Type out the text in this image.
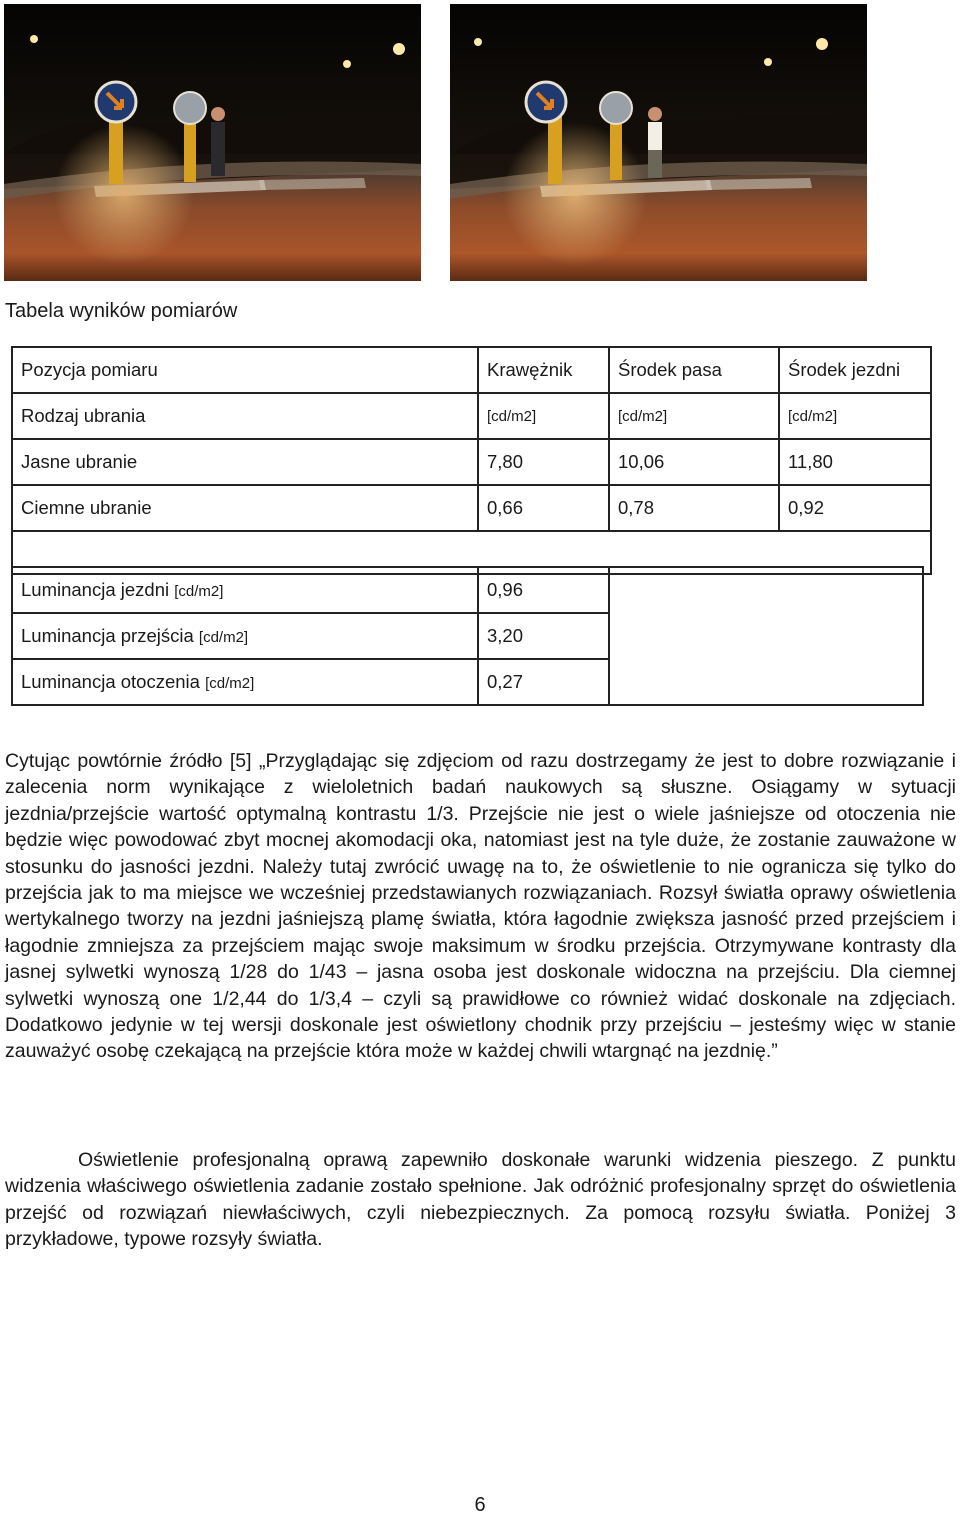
Tabela wyników pomiarów
Pozycja pomiaru	Krawężnik	Środek pasa	Środek jezdni
Rodzaj ubrania	[cd/m2]	[cd/m2]	[cd/m2]
Jasne ubranie	7,80	10,06	11,80
Ciemne ubranie	0,66	0,78	0,92

Luminancja jezdni [cd/m2]	0,96	
Luminancja przejścia [cd/m2]	3,20	
Luminancja otoczenia [cd/m2]	0,27	

Cytując powtórnie źródło [5] „Przyglądając się zdjęciom od razu dostrzegamy że jest to dobre rozwiązanie i zalecenia norm wynikające z wieloletnich badań naukowych są słuszne. Osiągamy w sytuacji jezdnia/przejście wartość optymalną kontrastu 1/3. Przejście nie jest o wiele jaśniejsze od otoczenia nie będzie więc powodować zbyt mocnej akomodacji oka, natomiast jest na tyle duże, że zostanie zauważone w stosunku do jasności jezdni. Należy tutaj zwrócić uwagę na to, że oświetlenie to nie ogranicza się tylko do przejścia jak to ma miejsce we wcześniej przedstawianych rozwiązaniach. Rozsył światła oprawy oświetlenia wertykalnego tworzy na jezdni jaśniejszą plamę światła, która łagodnie zwiększa jasność przed przejściem i łagodnie zmniejsza za przejściem mając swoje maksimum w środku przejścia. Otrzymywane kontrasty dla jasnej sylwetki wynoszą 1/28 do 1/43 – jasna osoba jest doskonale widoczna na przejściu. Dla ciemnej sylwetki wynoszą one 1/2,44 do 1/3,4 – czyli są prawidłowe co również widać doskonale na zdjęciach. Dodatkowo jedynie w tej wersji doskonale jest oświetlony chodnik przy przejściu – jesteśmy więc w stanie zauważyć osobę czekającą na przejście która może w każdej chwili wtargnąć na jezdnię.”

Oświetlenie profesjonalną oprawą zapewniło doskonałe warunki widzenia pieszego. Z punktu widzenia właściwego oświetlenia zadanie zostało spełnione. Jak odróżnić profesjonalny sprzęt do oświetlenia przejść od rozwiązań niewłaściwych, czyli niebezpiecznych. Za pomocą rozsyłu światła. Poniżej 3 przykładowe, typowe rozsyły światła.

6
